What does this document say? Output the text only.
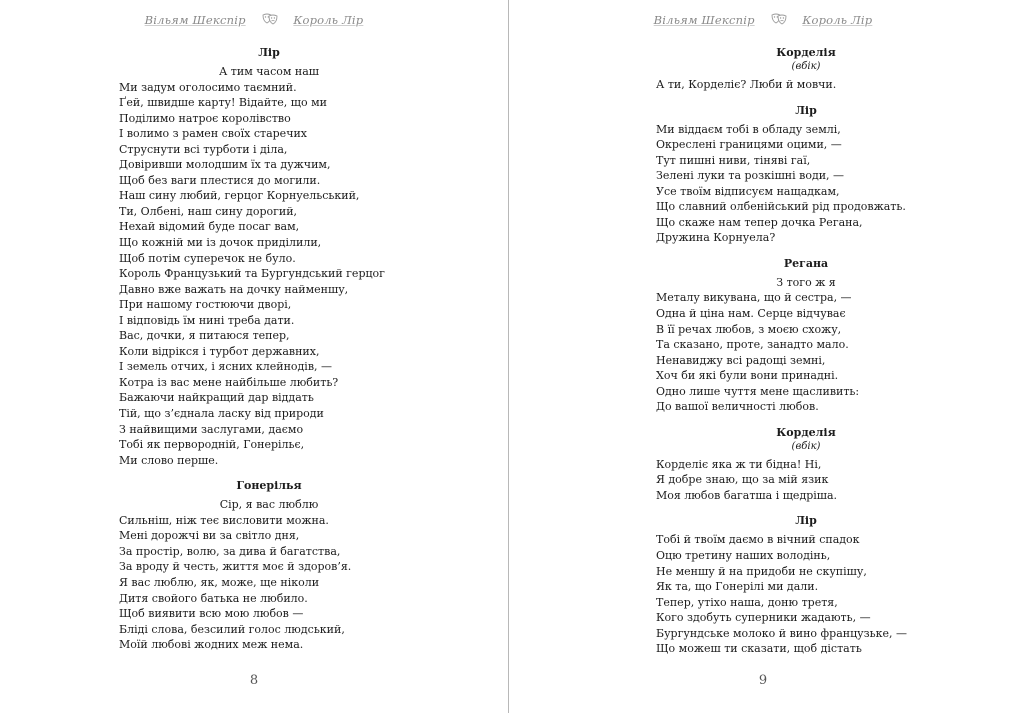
Вільям Шекспір	Король Лір
Лір
А тим часом наш
Ми задум оголосимо таємний.
Ґей, швидше карту! Відайте, що ми
Поділимо натроє королівство
І волимо з рамен своїх старечих
Струснути всі турботи і діла,
Довіривши молодшим їх та дужчим,
Щоб без ваги плестися до могили.
Наш сину любий, герцог Корнуельський,
Ти, Олбені, наш сину дорогий,
Нехай відомий буде посаг вам,
Що кожній ми із дочок приділили,
Щоб потім суперечок не було.
Король Французький та Бургундський герцог
Давно вже важать на дочку найменшу,
При нашому гостюючи дворі,
І відповідь їм нині треба дати.
Вас, дочки, я питаюся тепер,
Коли відрікся і турбот державних,
І земель отчих, і ясних клейнодів, —
Котра із вас мене найбільше любить?
Бажаючи найкращий дар віддать
Тій, що з’єднала ласку від природи
З найвищими заслугами, даємо
Тобі як первородній, Гонерільє,
Ми слово перше.
Гонерілья
Сір, я вас люблю
Сильніш, ніж теє висловити можна.
Мені дорожчі ви за світло дня,
За простір, волю, за дива й багатства,
За вроду й честь, життя моє й здоров’я.
Я вас люблю, як, може, ще ніколи
Дитя свойого батька не любило.
Щоб виявити всю мою любов —
Бліді слова, безсилий голос людський,
Моїй любові жодних меж нема.
8
Вільям Шекспір	Король Лір
Корделія
(вбік)
А ти, Корделіє? Люби й мовчи.
Лір
Ми віддаєм тобі в обладу землі,
Окреслені границями оцими, —
Тут пишні ниви, тіняві гаї,
Зелені луки та розкішні води, —
Усе твоїм відписуєм нащадкам,
Що славний олбенійський рід продовжать.
Що скаже нам тепер дочка Регана,
Дружина Корнуела?
Регана
З того ж я
Металу викувана, що й сестра, —
Одна й ціна нам. Серце відчуває
В її речах любов, з моєю схожу,
Та сказано, проте, занадто мало.
Ненавиджу всі радощі земні,
Хоч би які були вони принадні.
Одно лише чуття мене щасливить:
До вашої величності любов.
Корделія
(вбік)
Корделіє яка ж ти бідна! Ні,
Я добре знаю, що за мій язик
Моя любов багатша і щедріша.
Лір
Тобі й твоїм даємо в вічний спадок
Оцю третину наших володінь,
Не меншу й на придоби не скупішу,
Як та, що Гонерілі ми дали.
Тепер, утіхо наша, доню третя,
Кого здобуть суперники жадають, —
Бургундське молоко й вино французьке, —
Що можеш ти сказати, щоб дістать
9
